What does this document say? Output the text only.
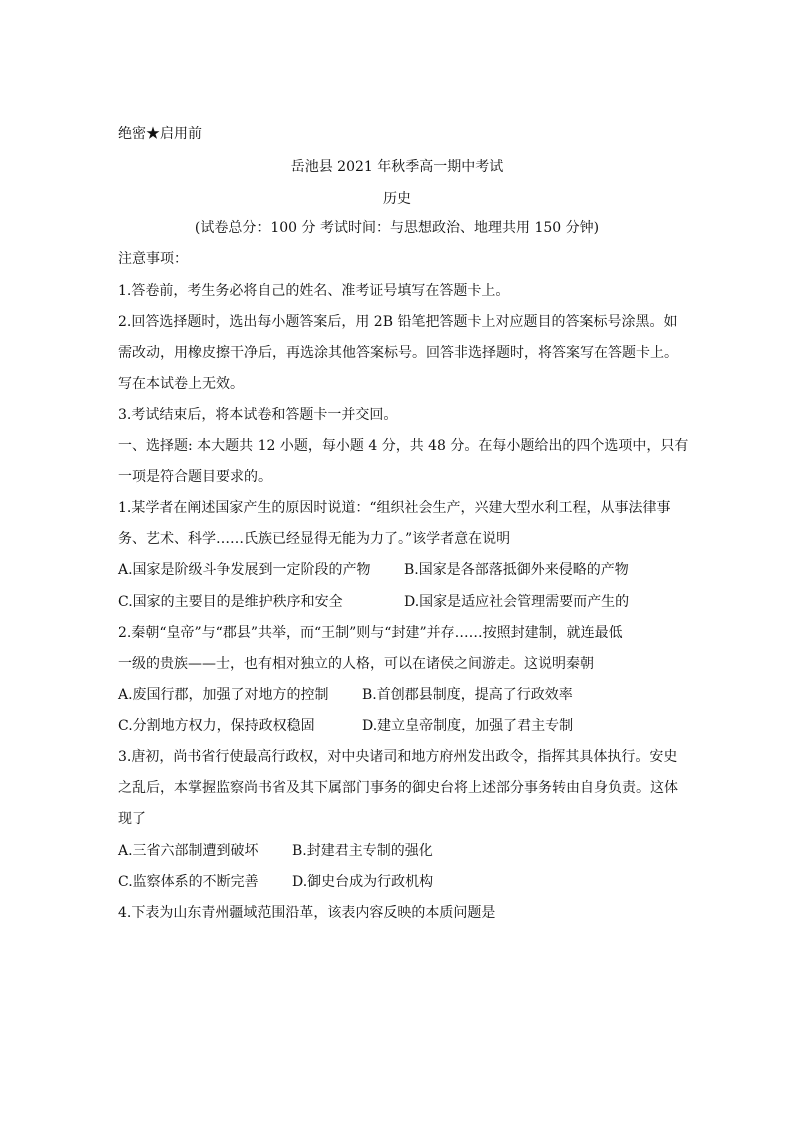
绝密★启用前
岳池县 2021 年秋季高一期中考试
历史
(试卷总分：100 分 考试时间：与思想政治、地理共用 150 分钟)
注意事项：
1.答卷前，考生务必将自己的姓名、准考证号填写在答题卡上。
2.回答选择题时，选出每小题答案后，用 2B 铅笔把答题卡上对应题目的答案标号涂黑。如
需改动，用橡皮擦干净后，再选涂其他答案标号。回答非选择题时，将答案写在答题卡上。
写在本试卷上无效。
3.考试结束后，将本试卷和答题卡一并交回。
一、选择题: 本大题共 12 小题，每小题 4 分，共 48 分。在每小题给出的四个选项中，只有
一项是符合题目要求的。
1.某学者在阐述国家产生的原因时说道：“组织社会生产，兴建大型水利工程，从事法律事
务、艺术、科学……氏族已经显得无能为力了。”该学者意在说明
A.国家是阶级斗争发展到一定阶段的产物 B.国家是各部落抵御外来侵略的产物
C.国家的主要目的是维护秩序和安全	D.国家是适应社会管理需要而产生的
2.秦朝“皇帝”与“郡县”共举，而“王制”则与“封建”并存……按照封建制，就连最低
一级的贵族——士，也有相对独立的人格，可以在诸侯之间游走。这说明秦朝
A.废国行郡，加强了对地方的控制 B.首创郡县制度，提高了行政效率
C.分割地方权力，保持政权稳固	D.建立皇帝制度，加强了君主专制
3.唐初，尚书省行使最高行政权，对中央诸司和地方府州发出政令，指挥其具体执行。安史
之乱后，本掌握监察尚书省及其下属部门事务的御史台将上述部分事务转由自身负责。这体
现了
A.三省六部制遭到破坏 B.封建君主专制的强化
C.监察体系的不断完善 D.御史台成为行政机构
4.下表为山东青州疆域范围沿革，该表内容反映的本质问题是
